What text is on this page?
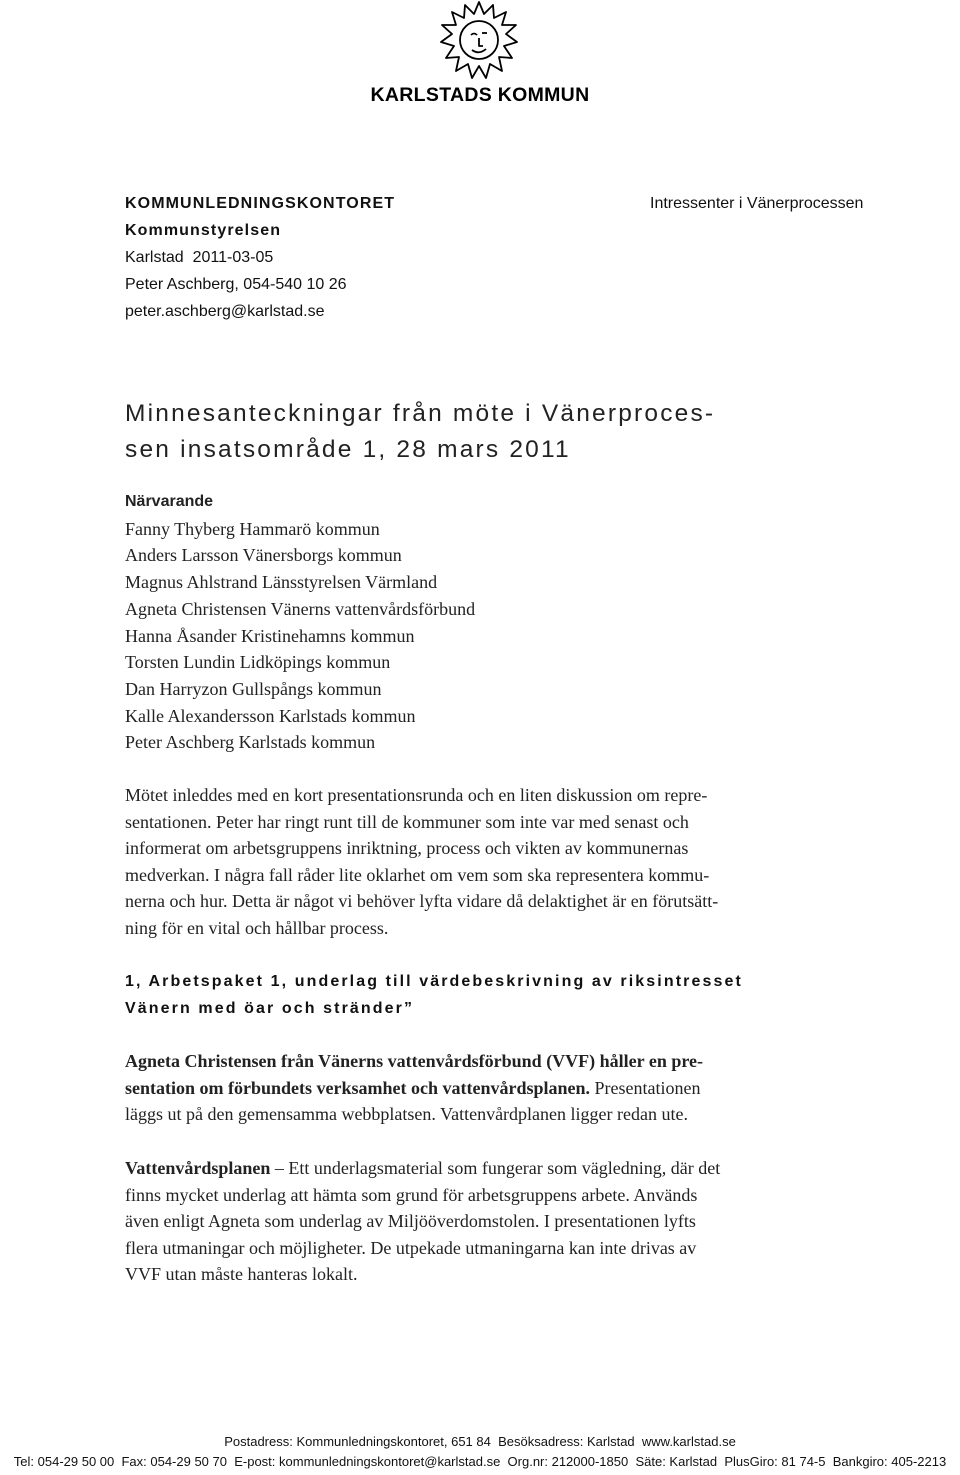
KARLSTADS KOMMUN
KOMMUNLEDNINGSKONTORET
Kommunstyrelsen
Karlstad  2011-03-05
Peter Aschberg, 054-540 10 26
peter.aschberg@karlstad.se
Intressenter i Vänerprocessen
Minnesanteckningar från möte i Vänerproces-
sen insatsområde 1, 28 mars 2011
Närvarande
Fanny Thyberg Hammarö kommun
Anders Larsson Vänersborgs kommun
Magnus Ahlstrand Länsstyrelsen Värmland
Agneta Christensen Vänerns vattenvårdsförbund
Hanna Åsander Kristinehamns kommun
Torsten Lundin Lidköpings kommun
Dan Harryzon Gullspångs kommun
Kalle Alexandersson Karlstads kommun
Peter Aschberg Karlstads kommun
Mötet inleddes med en kort presentationsrunda och en liten diskussion om repre-
sentationen. Peter har ringt runt till de kommuner som inte var med senast och
informerat om arbetsgruppens inriktning, process och vikten av kommunernas
medverkan. I några fall råder lite oklarhet om vem som ska representera kommu-
nerna och hur. Detta är något vi behöver lyfta vidare då delaktighet är en förutsätt-
ning för en vital och hållbar process.
1, Arbetspaket 1, underlag till värdebeskrivning av riksintresset
Vänern med öar och stränder”
Agneta Christensen från Vänerns vattenvårdsförbund (VVF) håller en pre-
sentation om förbundets verksamhet och vattenvårdsplanen. Presentationen
läggs ut på den gemensamma webbplatsen. Vattenvårdplanen ligger redan ute.
Vattenvårdsplanen – Ett underlagsmaterial som fungerar som vägledning, där det
finns mycket underlag att hämta som grund för arbetsgruppens arbete. Används
även enligt Agneta som underlag av Miljööverdomstolen. I presentationen lyfts
flera utmaningar och möjligheter. De utpekade utmaningarna kan inte drivas av
VVF utan måste hanteras lokalt.
Postadress: Kommunledningskontoret, 651 84  Besöksadress: Karlstad  www.karlstad.se
Tel: 054-29 50 00  Fax: 054-29 50 70  E-post: kommunledningskontoret@karlstad.se  Org.nr: 212000-1850  Säte: Karlstad  PlusGiro: 81 74-5  Bankgiro: 405-2213
